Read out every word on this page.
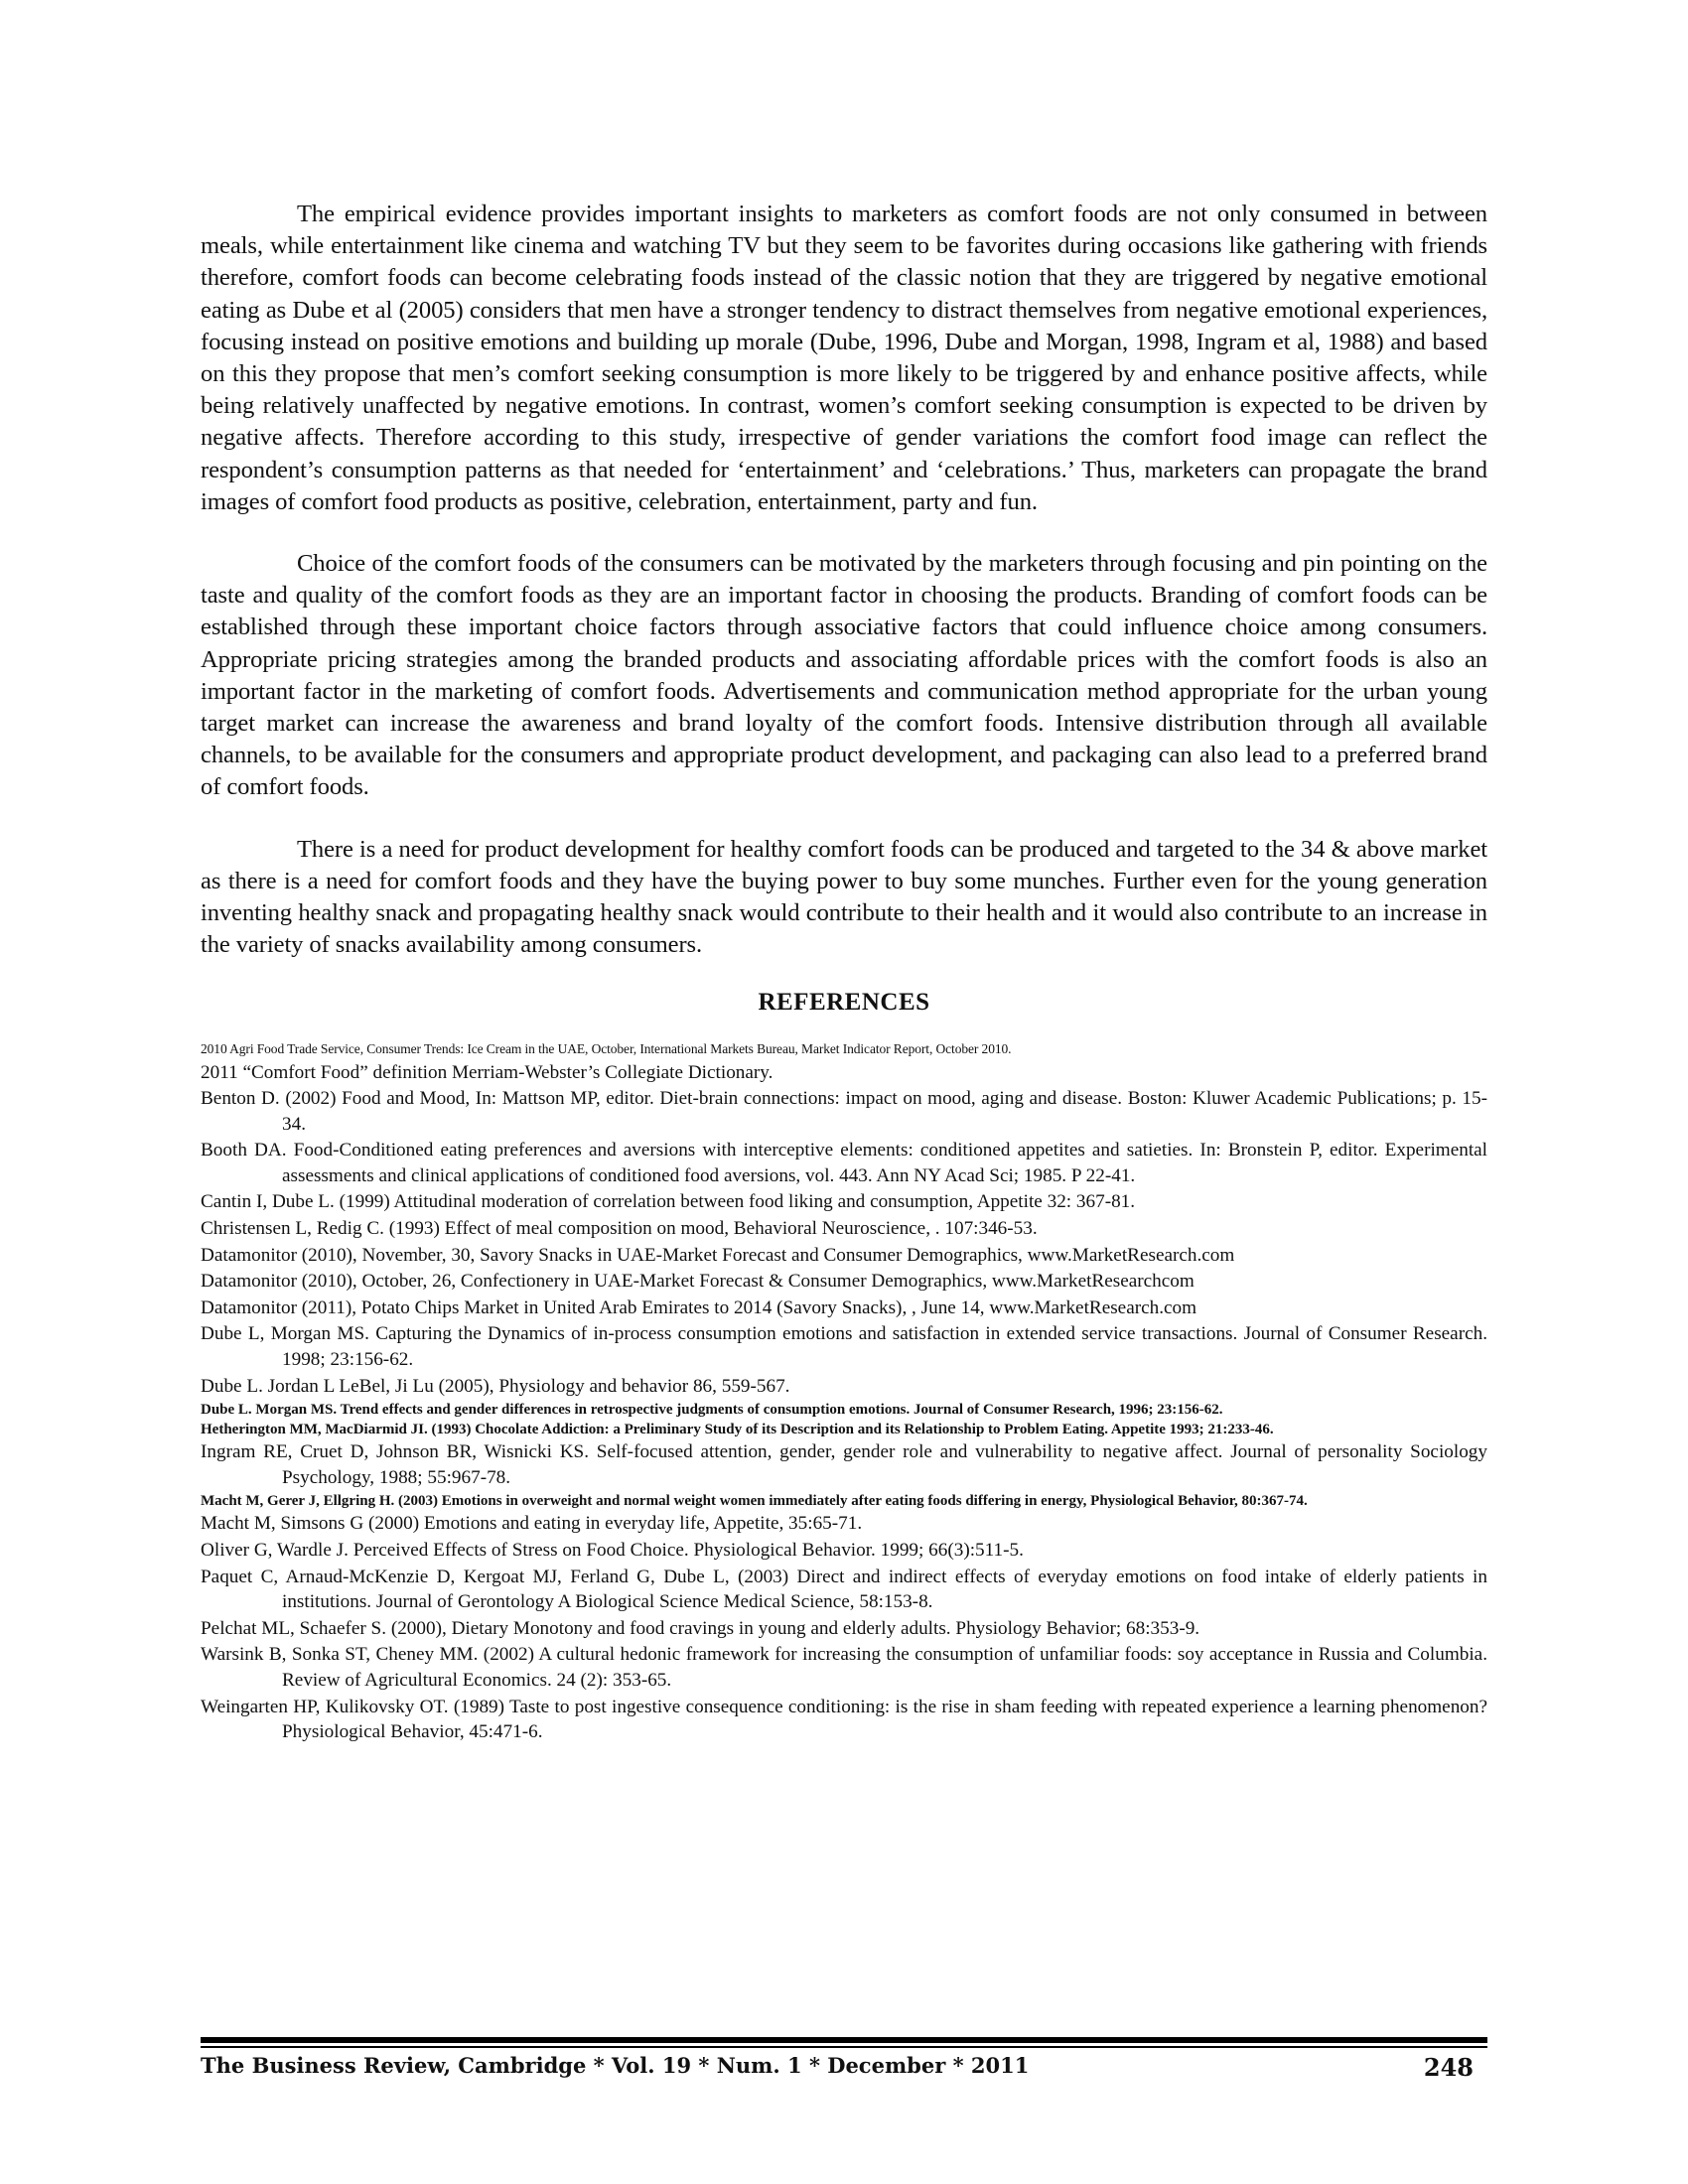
The empirical evidence provides important insights to marketers as comfort foods are not only consumed in between meals, while entertainment like cinema and watching TV but they seem to be favorites during occasions like gathering with friends therefore, comfort foods can become celebrating foods instead of the classic notion that they are triggered by negative emotional eating as Dube et al (2005) considers that men have a stronger tendency to distract themselves from negative emotional experiences, focusing instead on positive emotions and building up morale (Dube, 1996, Dube and Morgan, 1998, Ingram et al, 1988) and based on this they propose that men’s comfort seeking consumption is more likely to be triggered by and enhance positive affects, while being relatively unaffected by negative emotions. In contrast, women’s comfort seeking consumption is expected to be driven by negative affects. Therefore according to this study, irrespective of gender variations the comfort food image can reflect the respondent’s consumption patterns as that needed for ‘entertainment’ and ‘celebrations.’ Thus, marketers can propagate the brand images of comfort food products as positive, celebration, entertainment, party and fun.

Choice of the comfort foods of the consumers can be motivated by the marketers through focusing and pin pointing on the taste and quality of the comfort foods as they are an important factor in choosing the products. Branding of comfort foods can be established through these important choice factors through associative factors that could influence choice among consumers. Appropriate pricing strategies among the branded products and associating affordable prices with the comfort foods is also an important factor in the marketing of comfort foods. Advertisements and communication method appropriate for the urban young target market can increase the awareness and brand loyalty of the comfort foods. Intensive distribution through all available channels, to be available for the consumers and appropriate product development, and packaging can also lead to a preferred brand of comfort foods.

There is a need for product development for healthy comfort foods can be produced and targeted to the 34 & above market as there is a need for comfort foods and they have the buying power to buy some munches. Further even for the young generation inventing healthy snack and propagating healthy snack would contribute to their health and it would also contribute to an increase in the variety of snacks availability among consumers.

REFERENCES
2010 Agri Food Trade Service, Consumer Trends: Ice Cream in the UAE, October, International Markets Bureau, Market Indicator Report, October 2010.
2011 “Comfort Food” definition Merriam-Webster’s Collegiate Dictionary.
Benton D. (2002) Food and Mood, In: Mattson MP, editor. Diet-brain connections: impact on mood, aging and disease. Boston: Kluwer Academic Publications; p. 15-34.
Booth DA. Food-Conditioned eating preferences and aversions with interceptive elements: conditioned appetites and satieties. In: Bronstein P, editor. Experimental assessments and clinical applications of conditioned food aversions, vol. 443. Ann NY Acad Sci; 1985. P 22-41.
Cantin I, Dube L. (1999) Attitudinal moderation of correlation between food liking and consumption, Appetite 32: 367-81.
Christensen L, Redig C. (1993) Effect of meal composition on mood, Behavioral Neuroscience, . 107:346-53.
Datamonitor (2010), November, 30, Savory Snacks in UAE-Market Forecast and Consumer Demographics, www.MarketResearch.com
Datamonitor (2010), October, 26, Confectionery in UAE-Market Forecast & Consumer Demographics, www.MarketResearchcom
Datamonitor (2011), Potato Chips Market in United Arab Emirates to 2014 (Savory Snacks), , June 14, www.MarketResearch.com
Dube L, Morgan MS. Capturing the Dynamics of in-process consumption emotions and satisfaction in extended service transactions. Journal of Consumer Research. 1998; 23:156-62.
Dube L. Jordan L LeBel, Ji Lu (2005), Physiology and behavior 86, 559-567.
Dube L. Morgan MS. Trend effects and gender differences in retrospective judgments of consumption emotions. Journal of Consumer Research, 1996; 23:156-62.
Hetherington MM, MacDiarmid JI. (1993) Chocolate Addiction: a Preliminary Study of its Description and its Relationship to Problem Eating. Appetite 1993; 21:233-46.
Ingram RE, Cruet D, Johnson BR, Wisnicki KS. Self-focused attention, gender, gender role and vulnerability to negative affect. Journal of personality Sociology Psychology, 1988; 55:967-78.
Macht M, Gerer J, Ellgring H. (2003) Emotions in overweight and normal weight women immediately after eating foods differing in energy, Physiological Behavior, 80:367-74.
Macht M, Simsons G (2000) Emotions and eating in everyday life, Appetite, 35:65-71.
Oliver G, Wardle J. Perceived Effects of Stress on Food Choice. Physiological Behavior. 1999; 66(3):511-5.
Paquet C, Arnaud-McKenzie D, Kergoat MJ, Ferland G, Dube L, (2003) Direct and indirect effects of everyday emotions on food intake of elderly patients in institutions. Journal of Gerontology A Biological Science Medical Science, 58:153-8.
Pelchat ML, Schaefer S. (2000), Dietary Monotony and food cravings in young and elderly adults. Physiology Behavior; 68:353-9.
Warsink B, Sonka ST, Cheney MM. (2002) A cultural hedonic framework for increasing the consumption of unfamiliar foods: soy acceptance in Russia and Columbia. Review of Agricultural Economics. 24 (2): 353-65.
Weingarten HP, Kulikovsky OT. (1989) Taste to post ingestive consequence conditioning: is the rise in sham feeding with repeated experience a learning phenomenon? Physiological Behavior, 45:471-6.
The Business Review, Cambridge * Vol. 19 * Num. 1 * December * 2011	248
